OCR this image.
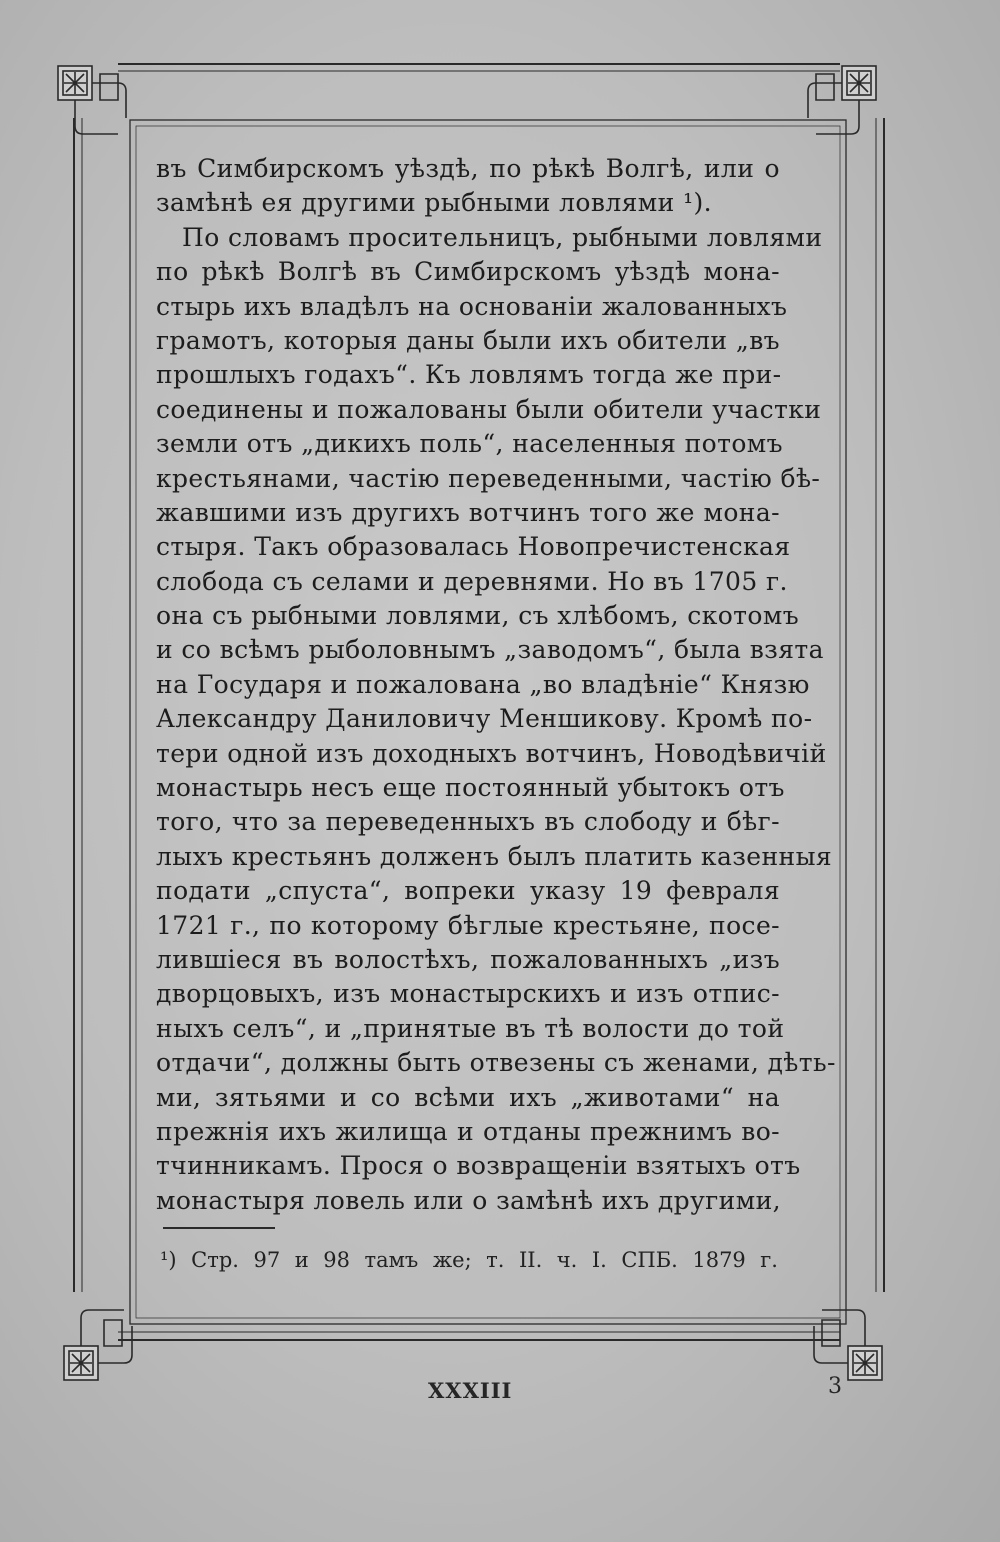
въ Симбирскомъ уѣздѣ, по рѣкѣ Волгѣ, или о
замѣнѣ ея другими рыбными ловлями ¹).
По словамъ просительницъ, рыбными ловлями
по рѣкѣ Волгѣ въ Симбирскомъ уѣздѣ мона-
стырь ихъ владѣлъ на основаніи жалованныхъ
грамотъ, которыя даны были ихъ обители „въ
прошлыхъ годахъ“. Къ ловлямъ тогда же при-
соединены и пожалованы были обители участки
земли отъ „дикихъ поль“, населенныя потомъ
крестьянами, частію переведенными, частію бѣ-
жавшими изъ другихъ вотчинъ того же мона-
стыря. Такъ образовалась Новопречистенская
слобода съ селами и деревнями. Но въ 1705 г.
она съ рыбными ловлями, съ хлѣбомъ, скотомъ
и со всѣмъ рыболовнымъ „заводомъ“, была взята
на Государя и пожалована „во владѣніе“ Князю
Александру Даниловичу Меншикову. Кромѣ по-
тери одной изъ доходныхъ вотчинъ, Новодѣвичій
монастырь несъ еще постоянный убытокъ отъ
того, что за переведенныхъ въ слободу и бѣг-
лыхъ крестьянъ долженъ былъ платить казенныя
подати „спуста“, вопреки указу 19 февраля
1721 г., по которому бѣглые крестьяне, посе-
лившіеся въ волостѣхъ, пожалованныхъ „изъ
дворцовыхъ, изъ монастырскихъ и изъ отпис-
ныхъ селъ“, и „принятые въ тѣ волости до той
отдачи“, должны быть отвезены съ женами, дѣть-
ми, зятьями и со всѣми ихъ „животами“ на
прежнія ихъ жилища и отданы прежнимъ во-
тчинникамъ. Прося о возвращеніи взятыхъ отъ
монастыря ловель или о замѣнѣ ихъ другими,
¹) Стр. 97 и 98 тамъ же; т. II. ч. I. СПБ. 1879 г.
XXXIII	3
